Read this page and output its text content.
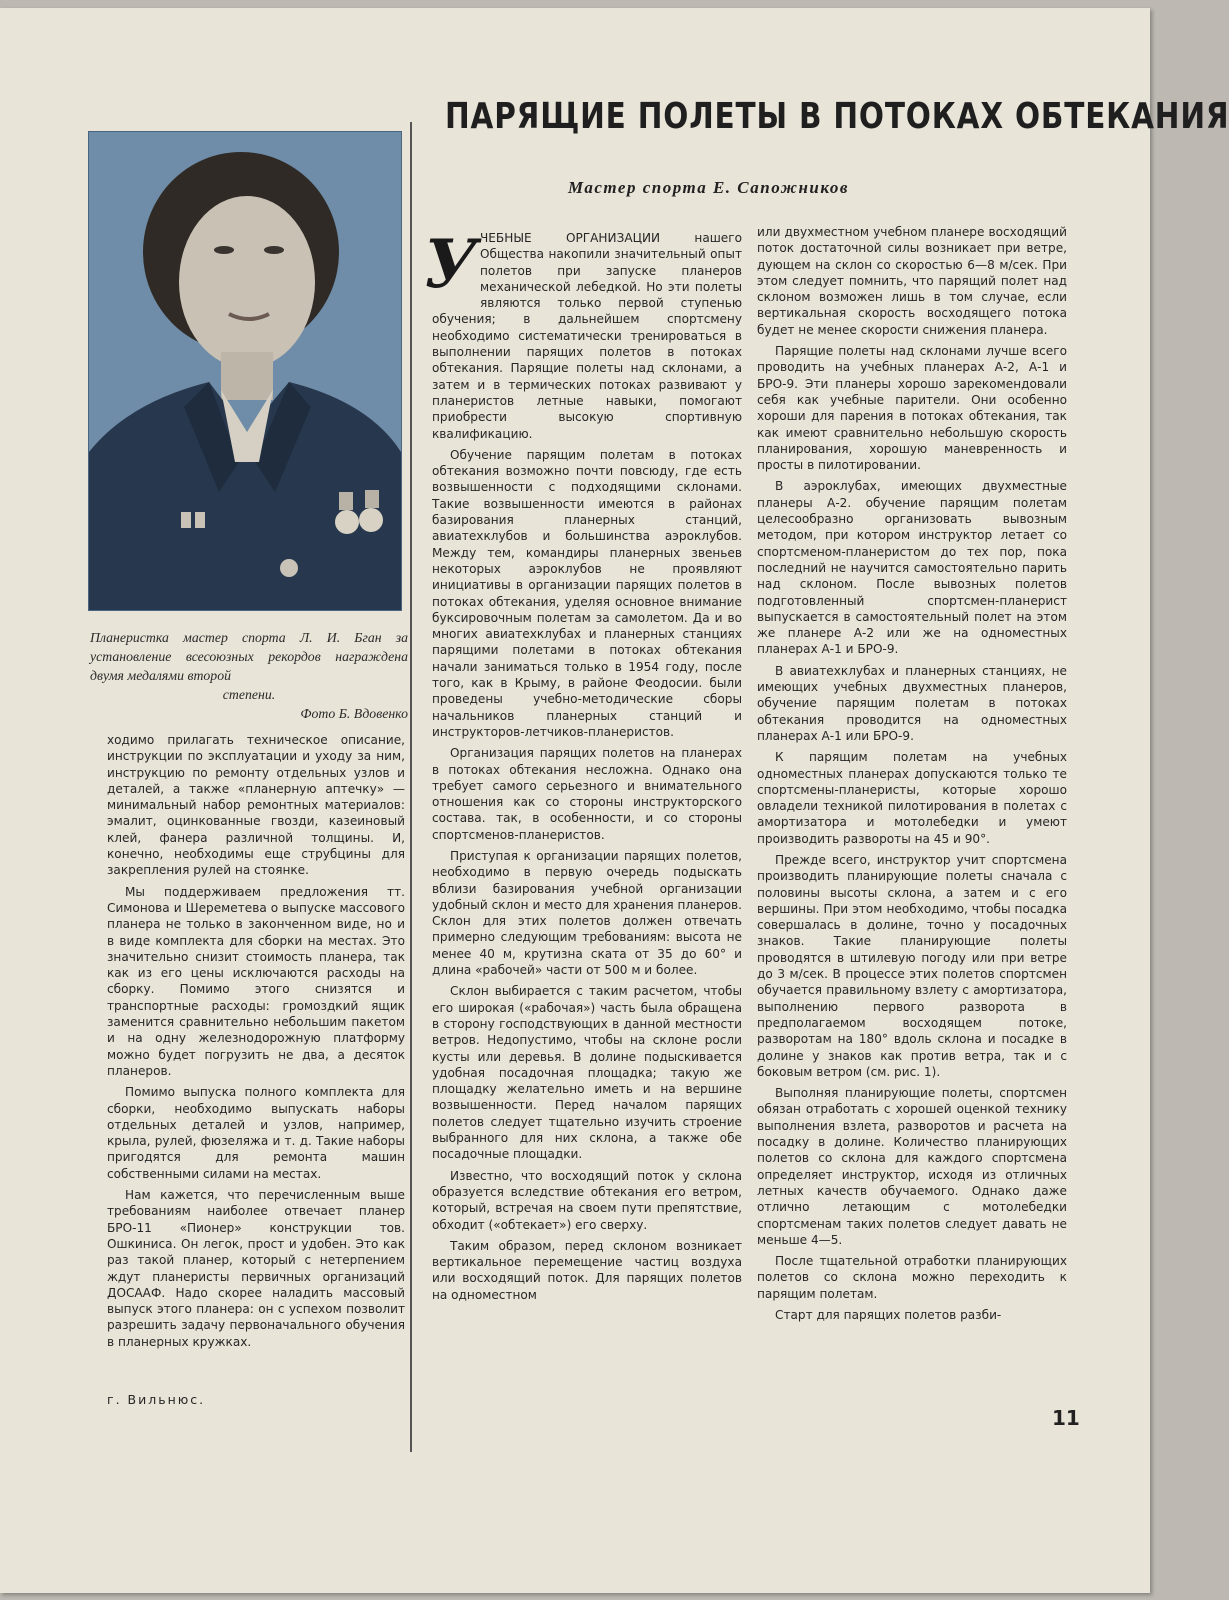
ПАРЯЩИЕ ПОЛЕТЫ В ПОТОКАХ ОБТЕКАНИЯ
Мастер спорта Е. Сапожников
Планеристка мастер спорта Л. И. Бган за установление всесоюзных рекордов награждена двумя медалями второй
степени.
Фото Б. Вдовенко

ходимо прилагать техническое описание, инструкции по эксплуатации и уходу за ним, инструкцию по ремонту отдельных узлов и деталей, а также «планерную аптечку» — минимальный набор ремонтных материалов: эмалит, оцинкованные гвозди, казеиновый клей, фанера различной толщины. И, конечно, необходимы еще струбцины для закрепления рулей на стоянке.

Мы поддерживаем предложения тт. Симонова и Шереметева о выпуске массового планера не только в законченном виде, но и в виде комплекта для сборки на местах. Это значительно снизит стоимость планера, так как из его цены исключаются расходы на сборку. Помимо этого снизятся и транспортные расходы: громоздкий ящик заменится сравнительно небольшим пакетом и на одну железнодорожную платформу можно будет погрузить не два, а десяток планеров.

Помимо выпуска полного комплекта для сборки, необходимо выпускать наборы отдельных деталей и узлов, например, крыла, рулей, фюзеляжа и т. д. Такие наборы пригодятся для ремонта машин собственными силами на местах.

Нам кажется, что перечисленным выше требованиям наиболее отвечает планер БРО-11 «Пионер» конструкции тов. Ошкиниса. Он легок, прост и удобен. Это как раз такой планер, который с нетерпением ждут планеристы первичных организаций ДОСААФ. Надо скорее наладить массовый выпуск этого планера: он с успехом позволит разрешить задачу первоначального обучения в планерных кружках.

г. Вильнюс.

УЧЕБНЫЕ ОРГАНИЗАЦИИ нашего Общества накопили значительный опыт полетов при запуске планеров механической лебедкой. Но эти полеты являются только первой ступенью обучения; в дальнейшем спортсмену необходимо систематически тренироваться в выполнении парящих полетов в потоках обтекания. Парящие полеты над склонами, а затем и в термических потоках развивают у планеристов летные навыки, помогают приобрести высокую спортивную квалификацию.

Обучение парящим полетам в потоках обтекания возможно почти повсюду, где есть возвышенности с подходящими склонами. Такие возвышенности имеются в районах базирования планерных станций, авиатехклубов и большинства аэроклубов. Между тем, командиры планерных звеньев некоторых аэроклубов не проявляют инициативы в организации парящих полетов в потоках обтекания, уделяя основное внимание буксировочным полетам за самолетом. Да и во многих авиатехклубах и планерных станциях парящими полетами в потоках обтекания начали заниматься только в 1954 году, после того, как в Крыму, в районе Феодосии. были проведены учебно-методические сборы начальников планерных станций и инструкторов-летчиков-планеристов.

Организация парящих полетов на планерах в потоках обтекания несложна. Однако она требует самого серьезного и внимательного отношения как со стороны инструкторского состава. так, в особенности, и со стороны спортсменов-планеристов.

Приступая к организации парящих полетов, необходимо в первую очередь подыскать вблизи базирования учебной организации удобный склон и место для хранения планеров. Склон для этих полетов должен отвечать примерно следующим требованиям: высота не менее 40 м, крутизна ската от 35 до 60° и длина «рабочей» части от 500 м и более.

Склон выбирается с таким расчетом, чтобы его широкая («рабочая») часть была обращена в сторону господствующих в данной местности ветров. Недопустимо, чтобы на склоне росли кусты или деревья. В долине подыскивается удобная посадочная площадка; такую же площадку желательно иметь и на вершине возвышенности. Перед началом парящих полетов следует тщательно изучить строение выбранного для них склона, а также обе посадочные площадки.

Известно, что восходящий поток у склона образуется вследствие обтекания его ветром, который, встречая на своем пути препятствие, обходит («обтекает») его сверху.

Таким образом, перед склоном возникает вертикальное перемещение частиц воздуха или восходящий поток. Для парящих полетов на одноместном

или двухместном учебном планере восходящий поток достаточной силы возникает при ветре, дующем на склон со скоростью 6—8 м/сек. При этом следует помнить, что парящий полет над склоном возможен лишь в том случае, если вертикальная скорость восходящего потока будет не менее скорости снижения планера.

Парящие полеты над склонами лучше всего проводить на учебных планерах А-2, А-1 и БРО-9. Эти планеры хорошо зарекомендовали себя как учебные парители. Они особенно хороши для парения в потоках обтекания, так как имеют сравнительно небольшую скорость планирования, хорошую маневренность и просты в пилотировании.

В аэроклубах, имеющих двухместные планеры А-2. обучение парящим полетам целесообразно организовать вывозным методом, при котором инструктор летает со спортсменом-планеристом до тех пор, пока последний не научится самостоятельно парить над склоном. После вывозных полетов подготовленный спортсмен-планерист выпускается в самостоятельный полет на этом же планере А-2 или же на одноместных планерах А-1 и БРО-9.

В авиатехклубах и планерных станциях, не имеющих учебных двухместных планеров, обучение парящим полетам в потоках обтекания проводится на одноместных планерах А-1 или БРО-9.

К парящим полетам на учебных одноместных планерах допускаются только те спортсмены-планеристы, которые хорошо овладели техникой пилотирования в полетах с амортизатора и мотолебедки и умеют производить развороты на 45 и 90°.

Прежде всего, инструктор учит спортсмена производить планирующие полеты сначала с половины высоты склона, а затем и с его вершины. При этом необходимо, чтобы посадка совершалась в долине, точно у посадочных знаков. Такие планирующие полеты проводятся в штилевую погоду или при ветре до 3 м/сек. В процессе этих полетов спортсмен обучается правильному взлету с амортизатора, выполнению первого разворота в предполагаемом восходящем потоке, разворотам на 180° вдоль склона и посадке в долине у знаков как против ветра, так и с боковым ветром (см. рис. 1).

Выполняя планирующие полеты, спортсмен обязан отработать с хорошей оценкой технику выполнения взлета, разворотов и расчета на посадку в долине. Количество планирующих полетов со склона для каждого спортсмена определяет инструктор, исходя из отличных летных качеств обучаемого. Однако даже отлично летающим с мотолебедки спортсменам таких полетов следует давать не меньше 4—5.

После тщательной отработки планирующих полетов со склона можно переходить к парящим полетам.

Старт для парящих полетов разби-

11
